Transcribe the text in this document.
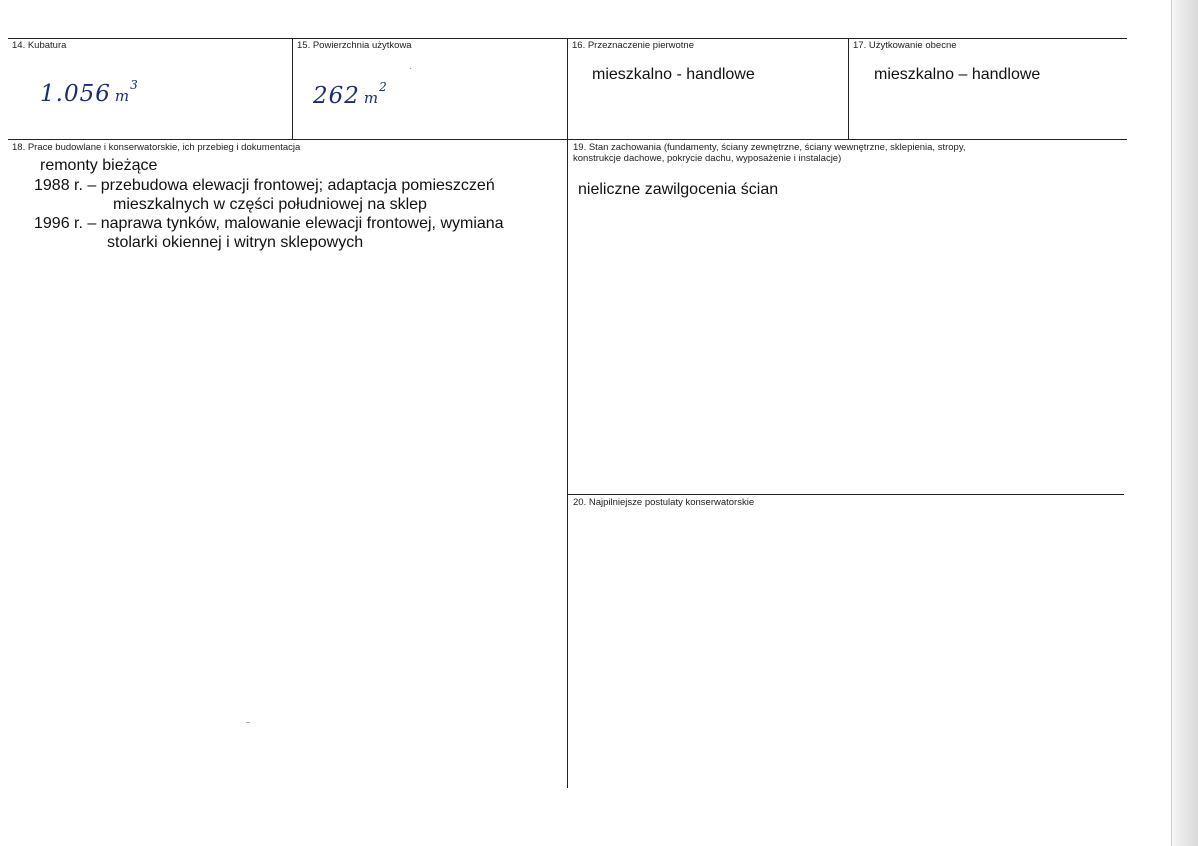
14. Kubatura
1.056 $m^3$
15. Powierzchnia użytkowa
262 $m^2$
16. Przeznaczenie pierwotne
mieszkalno - handlowe
17. Użytkowanie obecne
mieszkalno – handlowe
18. Prace budowlane i konserwatorskie, ich przebieg i dokumentacja
remonty bieżące
1988 r. – przebudowa elewacji frontowej; adaptacja pomieszczeń
mieszkalnych w części południowej na sklep
1996 r. – naprawa tynków, malowanie elewacji frontowej, wymiana
stolarki okiennej i witryn sklepowych
19. Stan zachowania (fundamenty, ściany zewnętrzne, ściany wewnętrzne, sklepienia, stropy,
konstrukcje dachowe, pokrycie dachu, wyposażenie i instalacje)
nieliczne zawilgocenia ścian
20. Najpilniejsze postulaty konserwatorskie
